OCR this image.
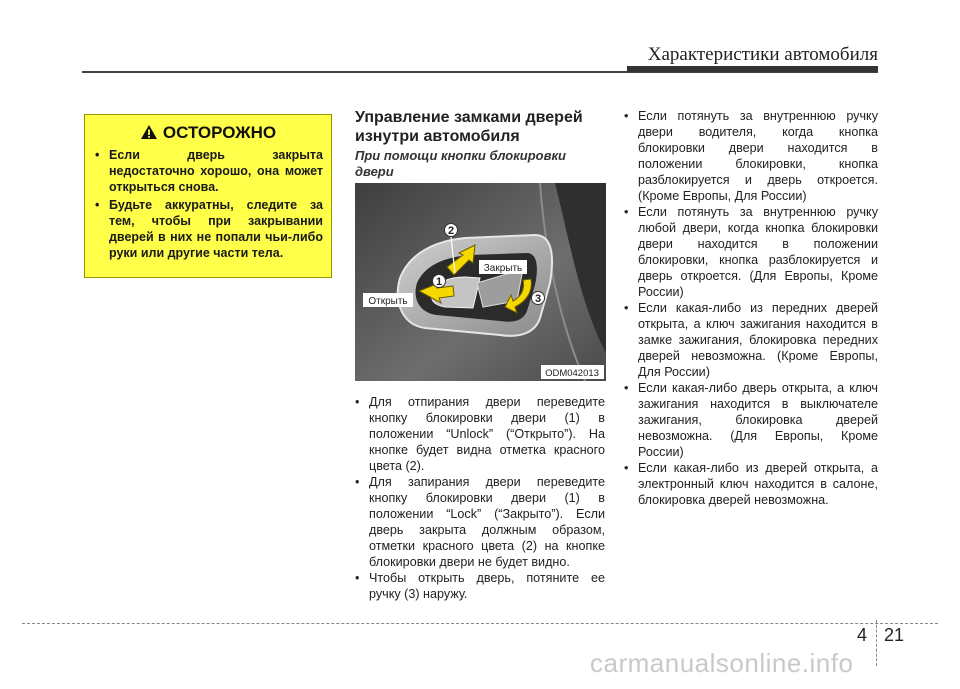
Характеристики автомобиля
ОСТОРОЖНО
• Если дверь закрыта недостаточно хорошо, она может открыться снова.
• Будьте аккуратны, следите за тем, чтобы при закрывании дверей в них не попали чьи-либо руки или другие части тела.
Управление замками дверей
изнутри автомобиля
При помощи кнопки блокировки
двери
2
1
3
Закрыть
Открыть
ODM042013
• Для отпирания двери переведите кнопку блокировки двери (1) в положении “Unlock” (“Открыто”). На кнопке будет видна отметка красного цвета (2).
• Для запирания двери переведите кнопку блокировки двери (1) в положении “Lock” (“Закрыто”). Если дверь закрыта должным образом, отметки красного цвета (2) на кнопке блокировки двери не будет видно.
• Чтобы открыть дверь, потяните ее ручку (3) наружу.
• Если потянуть за внутреннюю ручку двери водителя, когда кнопка блокировки двери находится в положении блокировки, кнопка разблокируется и дверь откроется. (Кроме Европы, Для России)
• Если потянуть за внутреннюю ручку любой двери, когда кнопка блокировки двери находится в положении блокировки, кнопка разблокируется и дверь откроется. (Для Европы, Кроме России)
• Если какая-либо из передних дверей открыта, а ключ зажигания находится в замке зажигания, блокировка передних дверей невозможна. (Кроме Европы, Для России)
• Если какая-либо дверь открыта, а ключ зажигания находится в выключателе зажигания, блокировка дверей невозможна. (Для Европы, Кроме России)
• Если какая-либо из дверей открыта, а электронный ключ находится в салоне, блокировка дверей невозможна.
4 21
carmanualsonline.info
